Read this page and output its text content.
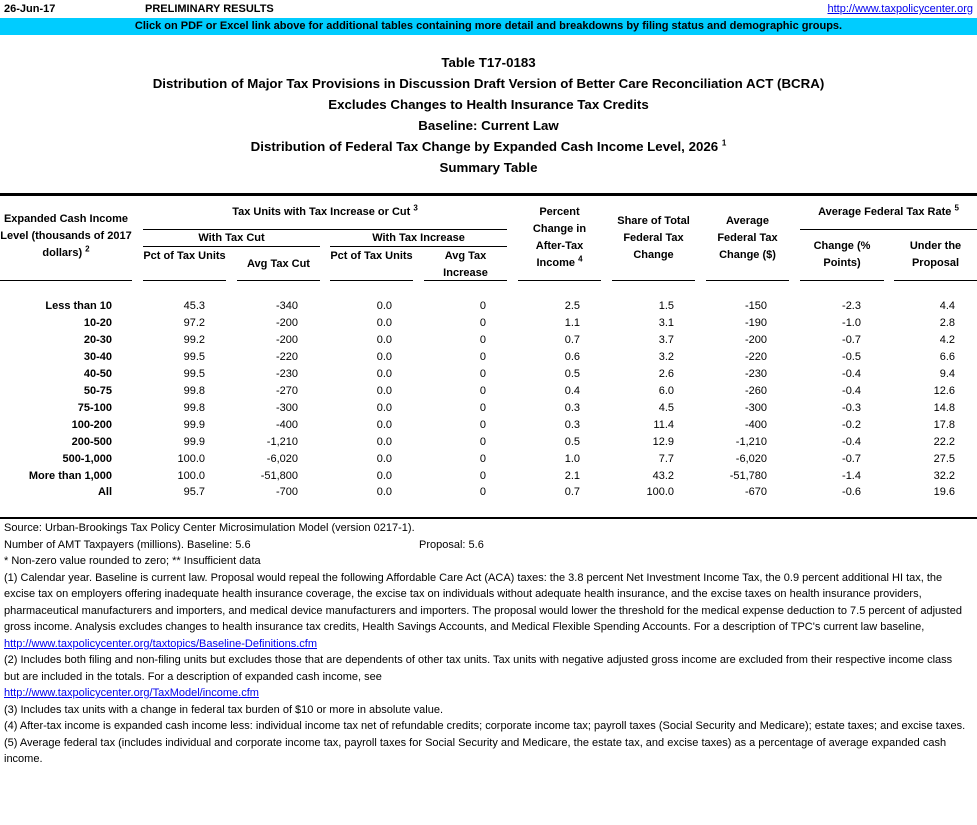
26-Jun-17	PRELIMINARY RESULTS	http://www.taxpolicycenter.org
Click on PDF or Excel link above for additional tables containing more detail and breakdowns by filing status and demographic groups.
Table T17-0183
Distribution of Major Tax Provisions in Discussion Draft Version of Better Care Reconciliation ACT (BCRA)
Excludes Changes to Health Insurance Tax Credits
Baseline: Current Law
Distribution of Federal Tax Change by Expanded Cash Income Level, 2026 $^1$
Summary Table
Expanded Cash Income Level (thousands of 2017 dollars) $^2$
Tax Units with Tax Increase or Cut $^3$
With Tax Cut	With Tax Increase
Pct of Tax Units
Avg Tax Cut
Pct of Tax Units	Avg Tax Increase
Percent Change in After-Tax Income $^4$
Share of Total Federal Tax Change
Average Federal Tax Change ($)
Average Federal Tax Rate $^5$
Change (% Points)
Under the Proposal
Less than 10	45.3	-340	0.0	0	2.5	1.5	-150	-2.3	4.4
10-20	97.2	-200	0.0	0	1.1	3.1	-190	-1.0	2.8
20-30	99.2	-200	0.0	0	0.7	3.7	-200	-0.7	4.2
30-40	99.5	-220	0.0	0	0.6	3.2	-220	-0.5	6.6
40-50	99.5	-230	0.0	0	0.5	2.6	-230	-0.4	9.4
50-75	99.8	-270	0.0	0	0.4	6.0	-260	-0.4	12.6
75-100	99.8	-300	0.0	0	0.3	4.5	-300	-0.3	14.8
100-200	99.9	-400	0.0	0	0.3	11.4	-400	-0.2	17.8
200-500	99.9	-1,210	0.0	0	0.5	12.9	-1,210	-0.4	22.2
500-1,000	100.0	-6,020	0.0	0	1.0	7.7	-6,020	-0.7	27.5
More than 1,000	100.0	-51,800	0.0	0	2.1	43.2	-51,780	-1.4	32.2
All	95.7	-700	0.0	0	0.7	100.0	-670	-0.6	19.6
Source: Urban-Brookings Tax Policy Center Microsimulation Model (version 0217-1).
Number of AMT Taxpayers (millions). Baseline: 5.6	Proposal: 5.6
* Non-zero value rounded to zero; ** Insufficient data
(1) Calendar year. Baseline is current law. Proposal would repeal the following Affordable Care Act (ACA) taxes: the 3.8 percent Net Investment Income Tax, the 0.9 percent additional HI tax, the excise tax on employers offering inadequate health insurance coverage, the excise tax on individuals without adequate health insurance, and the excise taxes on health insurance providers, pharmaceutical manufacturers and importers, and medical device manufacturers and importers. The proposal would lower the threshold for the medical expense deduction to 7.5 percent of adjusted gross income. Analysis excludes changes to health insurance tax credits, Health Savings Accounts, and Medical Flexible Spending Accounts. For a description of TPC's current law baseline,
http://www.taxpolicycenter.org/taxtopics/Baseline-Definitions.cfm
(2) Includes both filing and non-filing units but excludes those that are dependents of other tax units. Tax units with negative adjusted gross income are excluded from their respective income class but are included in the totals. For a description of expanded cash income, see
http://www.taxpolicycenter.org/TaxModel/income.cfm
(3) Includes tax units with a change in federal tax burden of $10 or more in absolute value.
(4) After-tax income is expanded cash income less: individual income tax net of refundable credits; corporate income tax; payroll taxes (Social Security and Medicare); estate taxes; and excise taxes.
(5) Average federal tax (includes individual and corporate income tax, payroll taxes for Social Security and Medicare, the estate tax, and excise taxes) as a percentage of average expanded cash income.
